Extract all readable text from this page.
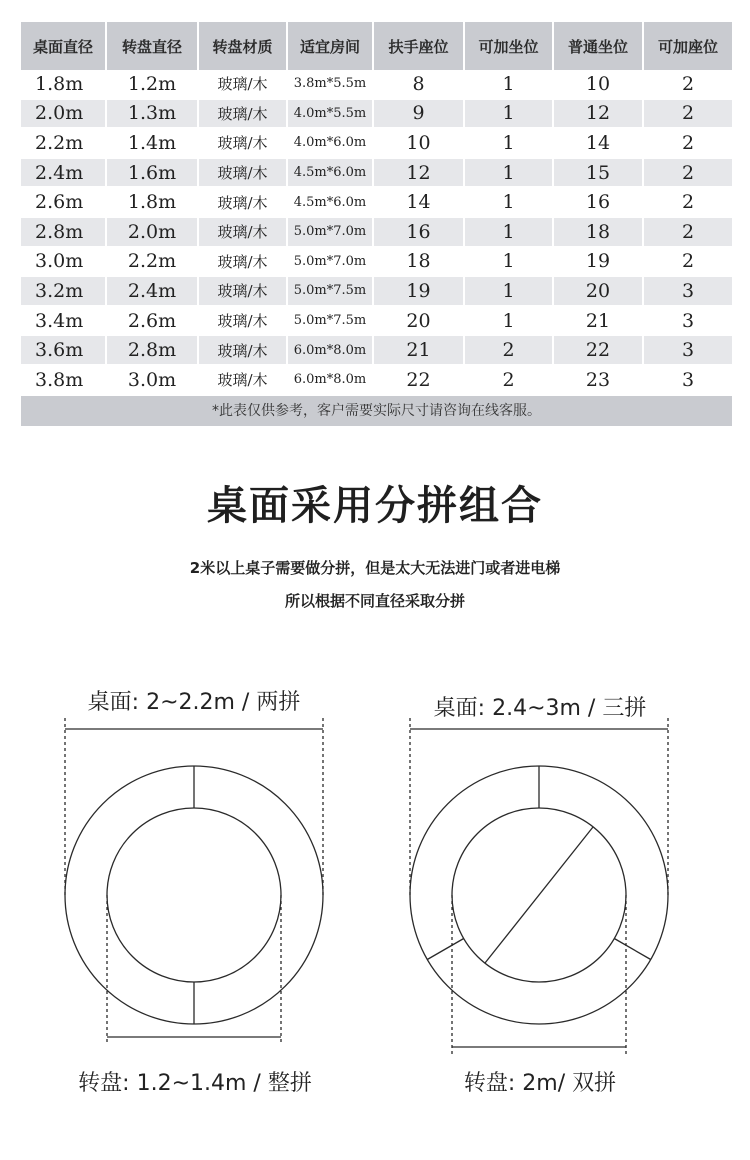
桌面直径	转盘直径	转盘材质	适宜房间	扶手座位	可加坐位	普通坐位	可加座位
1.8m	1.2m	玻璃/木	3.8m*5.5m	8	1	10	2
2.0m	1.3m	玻璃/木	4.0m*5.5m	9	1	12	2
2.2m	1.4m	玻璃/木	4.0m*6.0m	10	1	14	2
2.4m	1.6m	玻璃/木	4.5m*6.0m	12	1	15	2
2.6m	1.8m	玻璃/木	4.5m*6.0m	14	1	16	2
2.8m	2.0m	玻璃/木	5.0m*7.0m	16	1	18	2
3.0m	2.2m	玻璃/木	5.0m*7.0m	18	1	19	2
3.2m	2.4m	玻璃/木	5.0m*7.5m	19	1	20	3
3.4m	2.6m	玻璃/木	5.0m*7.5m	20	1	21	3
3.6m	2.8m	玻璃/木	6.0m*8.0m	21	2	22	3
3.8m	3.0m	玻璃/木	6.0m*8.0m	22	2	23	3
*此表仅供参考，客户需要实际尺寸请咨询在线客服。
桌面采用分拼组合
2米以上桌子需要做分拼，但是太大无法进门或者进电梯
所以根据不同直径采取分拼
桌面: 2~2.2m / 两拼
转盘: 1.2~1.4m / 整拼
桌面: 2.4~3m / 三拼
转盘: 2m/ 双拼
